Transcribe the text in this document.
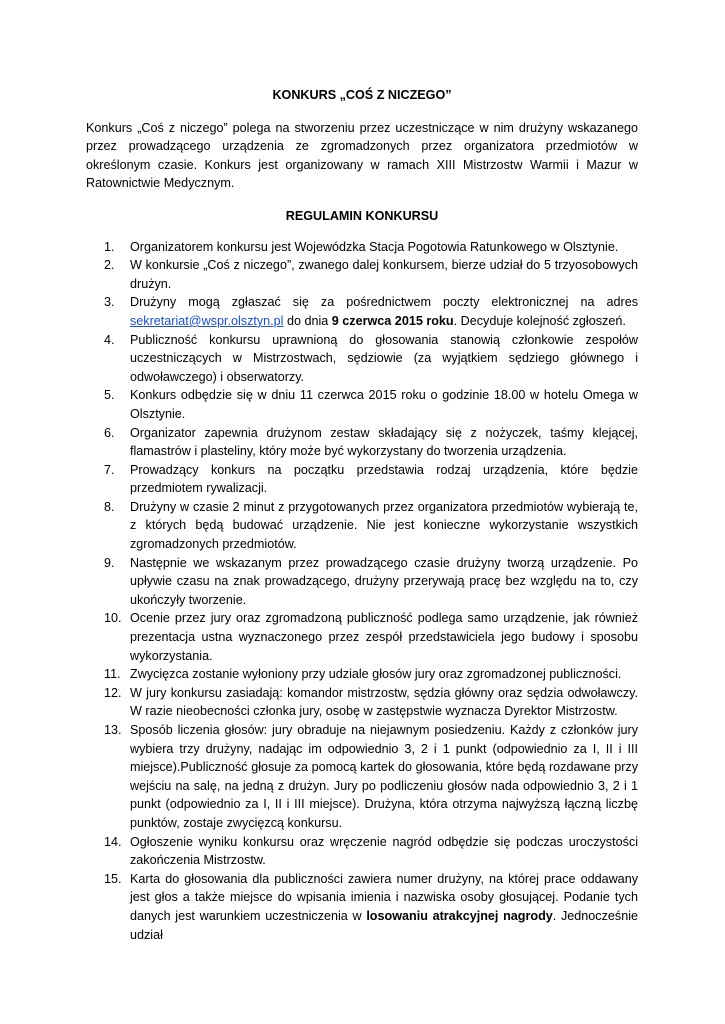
KONKURS „COŚ Z NICZEGO”

Konkurs „Coś z niczego” polega na stworzeniu przez uczestniczące w nim drużyny wskazanego przez prowadzącego urządzenia ze zgromadzonych przez organizatora przedmiotów w określonym czasie. Konkurs jest organizowany w ramach XIII Mistrzostw Warmii i Mazur w Ratownictwie Medycznym.

REGULAMIN KONKURSU
1.	Organizatorem konkursu jest Wojewódzka Stacja Pogotowia Ratunkowego w Olsztynie.
2.	W konkursie „Coś z niczego”, zwanego dalej konkursem, bierze udział do 5 trzyosobowych drużyn.
3.	Drużyny mogą zgłaszać się za pośrednictwem poczty elektronicznej na adres sekretariat@wspr.olsztyn.pl do dnia 9 czerwca 2015 roku. Decyduje kolejność zgłoszeń.
4.	Publiczność konkursu uprawnioną do głosowania stanowią członkowie zespołów uczestniczących w Mistrzostwach, sędziowie (za wyjątkiem sędziego głównego i odwoławczego) i obserwatorzy.
5.	Konkurs odbędzie się w dniu 11 czerwca 2015 roku o godzinie 18.00 w hotelu Omega w Olsztynie.
6.	Organizator zapewnia drużynom zestaw składający się z nożyczek, taśmy klejącej, flamastrów i plasteliny, który może być wykorzystany do tworzenia urządzenia.
7.	Prowadzący konkurs na początku przedstawia rodzaj urządzenia, które będzie przedmiotem rywalizacji.
8.	Drużyny w czasie 2 minut z przygotowanych przez organizatora przedmiotów wybierają te, z których będą budować urządzenie. Nie jest konieczne wykorzystanie wszystkich zgromadzonych przedmiotów.
9.	Następnie we wskazanym przez prowadzącego czasie drużyny tworzą urządzenie. Po upływie czasu na znak prowadzącego, drużyny przerywają pracę bez względu na to, czy ukończyły tworzenie.
10. Ocenie przez jury oraz zgromadzoną publiczność podlega samo urządzenie, jak również prezentacja ustna wyznaczonego przez zespół przedstawiciela jego budowy i sposobu wykorzystania.
11. Zwycięzca zostanie wyłoniony przy udziale głosów jury oraz zgromadzonej publiczności.
12. W jury konkursu zasiadają: komandor mistrzostw, sędzia główny oraz sędzia odwoławczy. W razie nieobecności członka jury, osobę w zastępstwie wyznacza Dyrektor Mistrzostw.
13. Sposób liczenia głosów: jury obraduje na niejawnym posiedzeniu. Każdy z członków jury wybiera trzy drużyny, nadając im odpowiednio 3, 2 i 1 punkt (odpowiednio za I, II i III miejsce).Publiczność głosuje za pomocą kartek do głosowania, które będą rozdawane przy wejściu na salę, na jedną z drużyn. Jury po podliczeniu głosów nada odpowiednio 3, 2 i 1 punkt (odpowiednio za I, II i III miejsce). Drużyna, która otrzyma najwyższą łączną liczbę punktów, zostaje zwycięzcą konkursu.
14. Ogłoszenie wyniku konkursu oraz wręczenie nagród odbędzie się podczas uroczystości zakończenia Mistrzostw.
15. Karta do głosowania dla publiczności zawiera numer drużyny, na której prace oddawany jest głos a także miejsce do wpisania imienia i nazwiska osoby głosującej. Podanie tych danych jest warunkiem uczestniczenia w losowaniu atrakcyjnej nagrody. Jednocześnie udział
